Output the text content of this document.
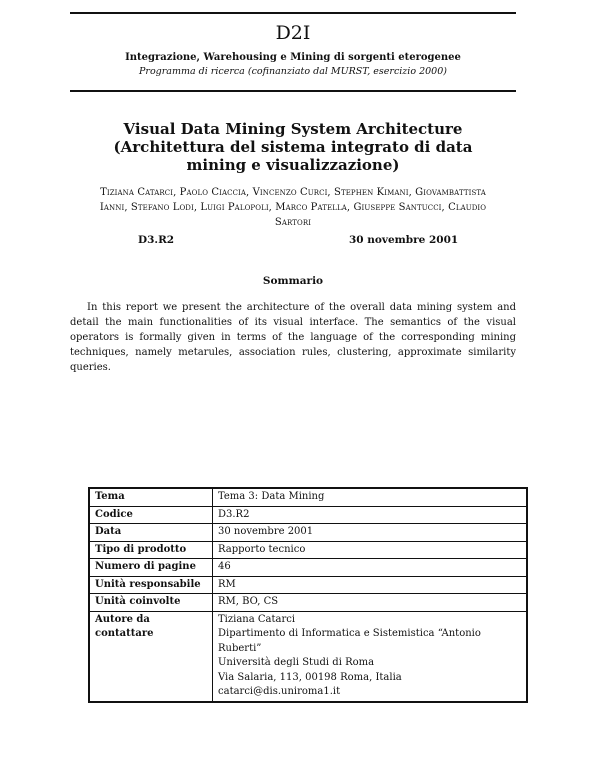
D2I
Integrazione, Warehousing e Mining di sorgenti eterogenee
Programma di ricerca (cofinanziato dal MURST, esercizio 2000)
Visual Data Mining System Architecture
(Architettura del sistema integrato di data
mining e visualizzazione)
Tiziana Catarci, Paolo Ciaccia, Vincenzo Curci, Stephen Kimani, Giovambattista
Ianni, Stefano Lodi, Luigi Palopoli, Marco Patella, Giuseppe Santucci, Claudio
Sartori
D3.R2	30 novembre 2001
Sommario

In this report we present the architecture of the overall data mining system and detail the main functionalities of its visual interface. The semantics of the visual operators is formally given in terms of the language of the corresponding mining techniques, namely metarules, association rules, clustering, approximate similarity queries.

Tema	Tema 3: Data Mining
Codice	D3.R2
Data	30 novembre 2001
Tipo di prodotto	Rapporto tecnico
Numero di pagine	46
Unità responsabile	RM
Unità coinvolte	RM, BO, CS
Autore da contattare	Tiziana Catarci
Dipartimento di Informatica e Sistemistica “Antonio Ruberti”
Università degli Studi di Roma
Via Salaria, 113, 00198 Roma, Italia
catarci@dis.uniroma1.it
